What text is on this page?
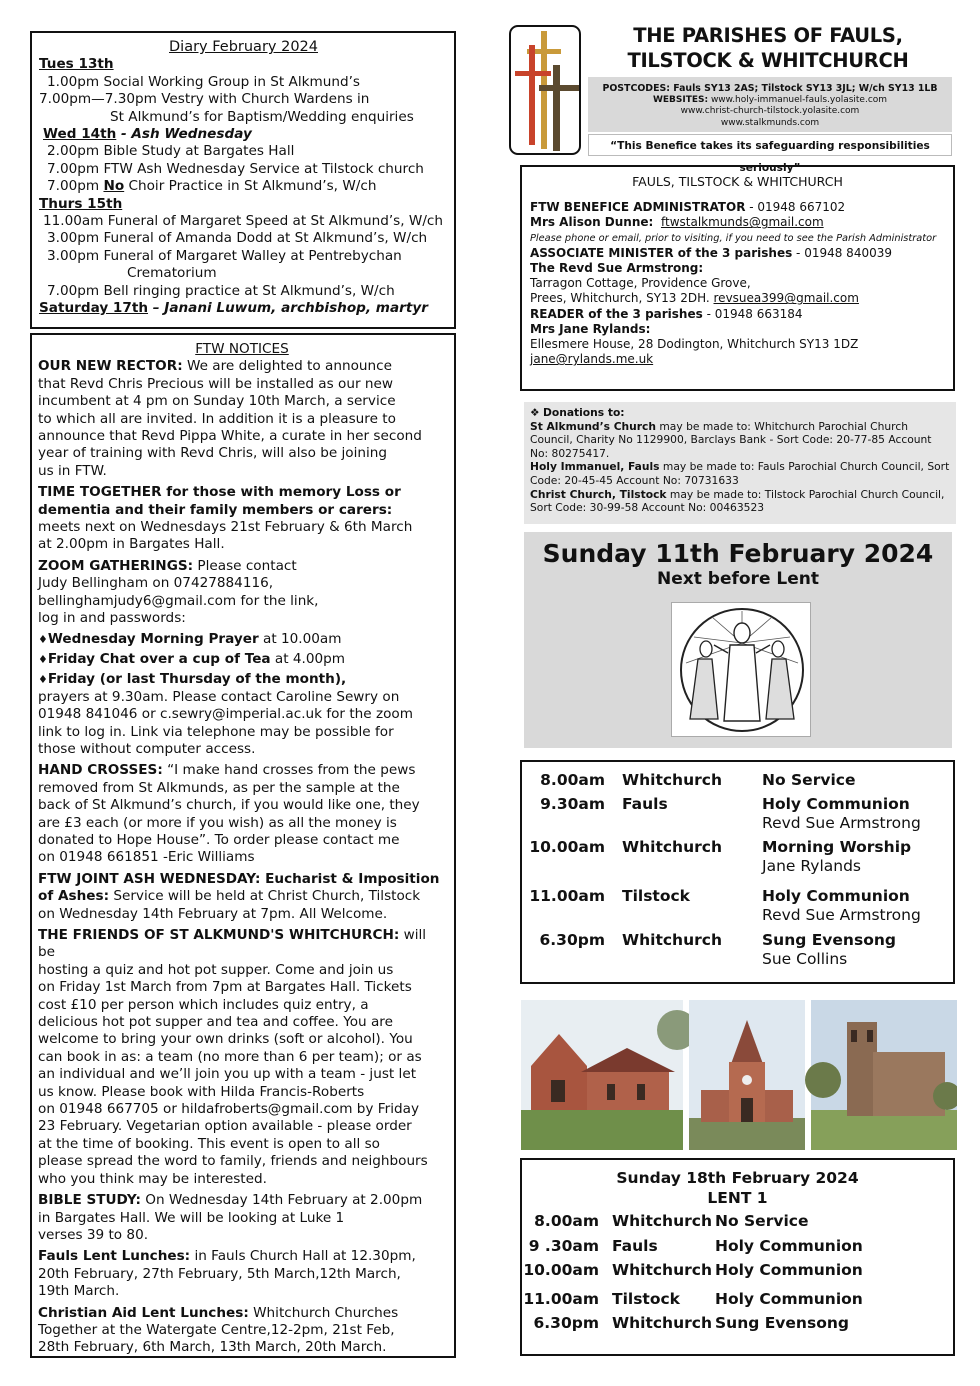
Diary February 2024
Tues 13th
1.00pm Social Working Group in St Alkmund’s
7.00pm—7.30pm Vestry with Church Wardens in
St Alkmund’s for Baptism/Wedding enquiries
Wed 14th - Ash Wednesday
2.00pm Bible Study at Bargates Hall
7.00pm FTW Ash Wednesday Service at Tilstock church
7.00pm No Choir Practice in St Alkmund’s, W/ch
Thurs 15th
11.00am Funeral of Margaret Speed at St Alkmund’s, W/ch
3.00pm Funeral of Amanda Dodd at St Alkmund’s, W/ch
3.00pm Funeral of Margaret Walley at Pentrebychan
Crematorium
7.00pm Bell ringing practice at St Alkmund’s, W/ch
Saturday 17th – Janani Luwum, archbishop, martyr
FTW NOTICES
OUR NEW RECTOR: We are delighted to announce
that Revd Chris Precious will be installed as our new
incumbent at 4 pm on Sunday 10th March, a service
to which all are invited. In addition it is a pleasure to
announce that Revd Pippa White, a curate in her second
year of training with Revd Chris, will also be joining
us in FTW.
TIME TOGETHER for those with memory Loss or
dementia and their family members or carers:
meets next on Wednesdays 21st February & 6th March
at 2.00pm in Bargates Hall.
ZOOM GATHERINGS: Please contact
Judy Bellingham on 07427884116,
bellinghamjudy6@gmail.com for the link,
log in and passwords:
♦Wednesday Morning Prayer at 10.00am
♦Friday Chat over a cup of Tea at 4.00pm
♦Friday (or last Thursday of the month),
prayers at 9.30am. Please contact Caroline Sewry on
01948 841046 or c.sewry@imperial.ac.uk for the zoom
link to log in. Link via telephone may be possible for
those without computer access.
HAND CROSSES: “I make hand crosses from the pews
removed from St Alkmunds, as per the sample at the
back of St Alkmund’s church, if you would like one, they
are £3 each (or more if you wish) as all the money is
donated to Hope House”. To order please contact me
on 01948 661851 -Eric Williams
FTW JOINT ASH WEDNESDAY: Eucharist & Imposition
of Ashes: Service will be held at Christ Church, Tilstock
on Wednesday 14th February at 7pm. All Welcome.
THE FRIENDS OF ST ALKMUND'S WHITCHURCH: will be
hosting a quiz and hot pot supper. Come and join us
on Friday 1st March from 7pm at Bargates Hall. Tickets
cost £10 per person which includes quiz entry, a
delicious hot pot supper and tea and coffee. You are
welcome to bring your own drinks (soft or alcohol). You
can book in as: a team (no more than 6 per team); or as
an individual and we’ll join you up with a team - just let
us know. Please book with Hilda Francis-Roberts
on 01948 667705 or hildafroberts@gmail.com by Friday
23 February. Vegetarian option available - please order
at the time of booking. This event is open to all so
please spread the word to family, friends and neighbours
who you think may be interested.
BIBLE STUDY: On Wednesday 14th February at 2.00pm
in Bargates Hall. We will be looking at Luke 1
verses 39 to 80.
Fauls Lent Lunches: in Fauls Church Hall at 12.30pm,
20th February, 27th February, 5th March,12th March,
19th March.
Christian Aid Lent Lunches: Whitchurch Churches
Together at the Watergate Centre,12-2pm, 21st Feb,
28th February, 6th March, 13th March, 20th March.
THE PARISHES OF FAULS,
TILSTOCK & WHITCHURCH
POSTCODES: Fauls SY13 2AS; Tilstock SY13 3JL; W/ch SY13 1LB
WEBSITES: www.holy-immanuel-fauls.yolasite.com
www.christ-church-tilstock.yolasite.com
www.stalkmunds.com
“This Benefice takes its safeguarding responsibilities seriously”
FAULS, TILSTOCK & WHITCHURCH
FTW BENEFICE ADMINISTRATOR - 01948 667102
Mrs Alison Dunne: ftwstalkmunds@gmail.com
Please phone or email, prior to visiting, if you need to see the Parish Administrator
ASSOCIATE MINISTER of the 3 parishes - 01948 840039
The Revd Sue Armstrong:
Tarragon Cottage, Providence Grove,
Prees, Whitchurch, SY13 2DH. revsuea399@gmail.com
READER of the 3 parishes - 01948 663184
Mrs Jane Rylands:
Ellesmere House, 28 Dodington, Whitchurch SY13 1DZ
jane@rylands.me.uk
❖ Donations to:
St Alkmund’s Church may be made to: Whitchurch Parochial Church Council, Charity No 1129900, Barclays Bank - Sort Code: 20-77-85 Account No: 80275417.
Holy Immanuel, Fauls may be made to: Fauls Parochial Church Council, Sort Code: 20-45-45 Account No: 70731633
Christ Church, Tilstock may be made to: Tilstock Parochial Church Council, Sort Code: 30-99-58 Account No: 00463523
Sunday 11th February 2024
Next before Lent
8.00am Whitchurch	No Service
9.30am Fauls	Holy Communion
Revd Sue Armstrong
10.00am Whitchurch	Morning Worship
Jane Rylands
11.00am Tilstock	Holy Communion
Revd Sue Armstrong
6.30pm Whitchurch	Sung Evensong
Sue Collins
Sunday 18th February 2024
LENT 1
8.00am Whitchurch No Service
9 .30am Fauls	Holy Communion
10.00am Whitchurch Holy Communion
11.00am Tilstock Holy Communion
6.30pm Whitchurch Sung Evensong
